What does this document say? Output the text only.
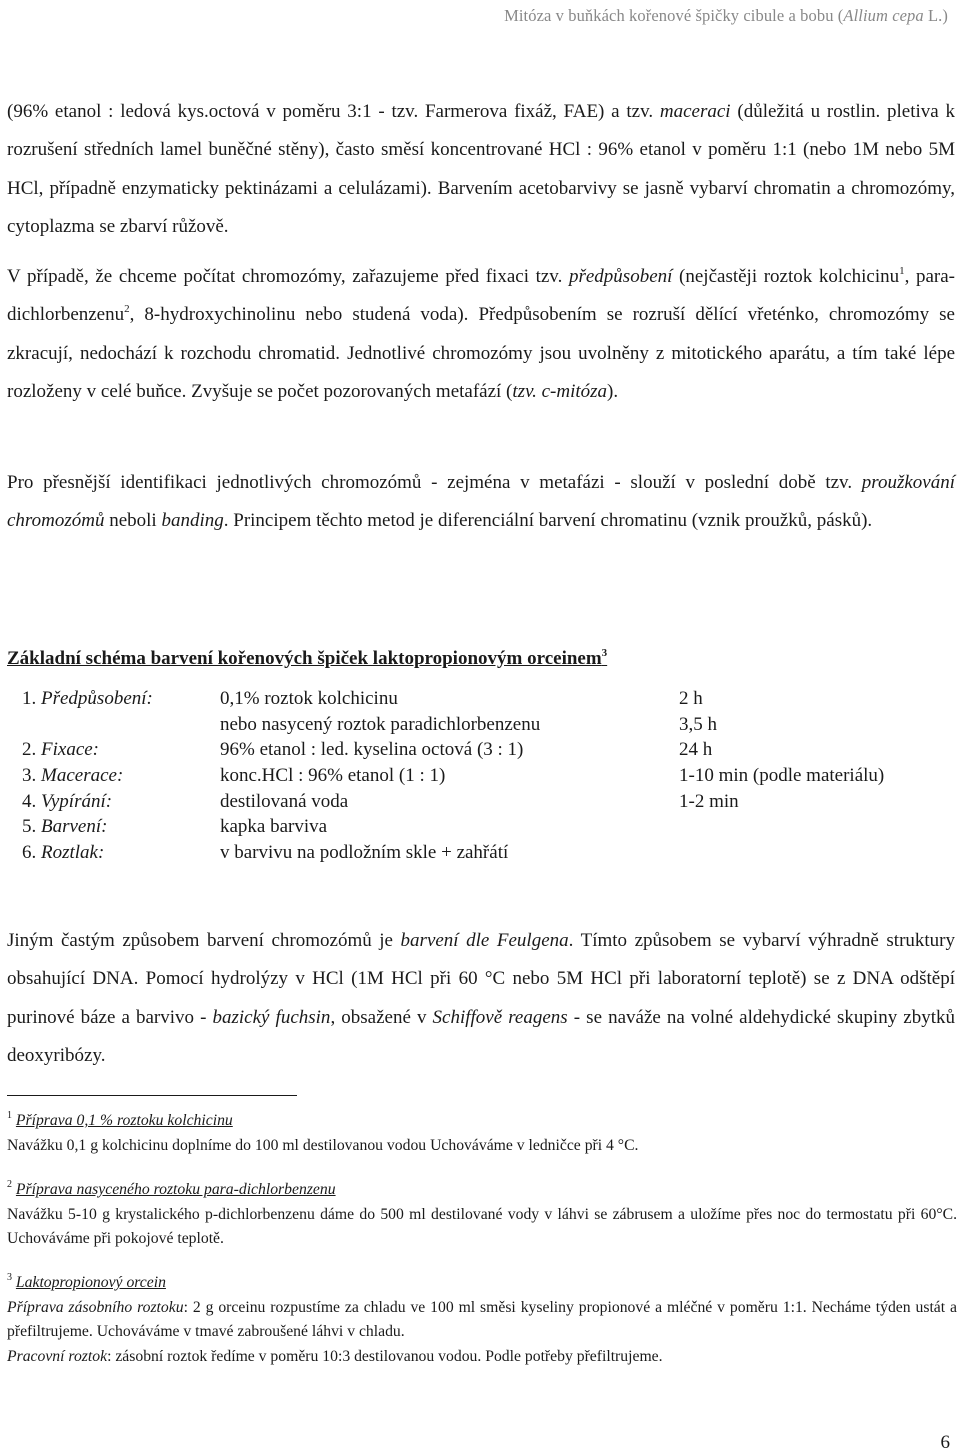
Mitóza v buňkách kořenové špičky cibule a bobu (Allium cepa L.)
(96% etanol : ledová kys.octová v poměru 3:1 - tzv. Farmerova fixáž, FAE) a tzv. maceraci (důležitá u rostlin. pletiva k rozrušení středních lamel buněčné stěny), často směsí koncentrované HCl : 96% etanol v poměru 1:1 (nebo 1M nebo 5M HCl, případně enzymaticky pektinázami a celulázami). Barvením acetobarvivy se jasně vybarví chromatin a chromozómy, cytoplazma se zbarví růžově.
V případě, že chceme počítat chromozómy, zařazujeme před fixaci tzv. předpůsobení (nejčastěji roztok kolchicinu$^1$, para-dichlorbenzenu$^2$, 8-hydroxychinolinu nebo studená voda). Předpůsobením se rozruší dělící vřeténko, chromozómy se zkracují, nedochází k rozchodu chromatid. Jednotlivé chromozómy jsou uvolněny z mitotického aparátu, a tím také lépe rozloženy v celé buňce. Zvyšuje se počet pozorovaných metafází (tzv. c-mitóza).
Pro přesnější identifikaci jednotlivých chromozómů - zejména v metafázi - slouží v poslední době tzv. proužkování chromozómů neboli banding. Principem těchto metod je diferenciální barvení chromatinu (vznik proužků, pásků).
Základní schéma barvení kořenových špiček laktopropionovým orceinem$^3$
1. Předpůsobení:	0,1% roztok kolchicinu	2 h
nebo nasycený roztok paradichlorbenzenu	3,5 h
2. Fixace:	96% etanol : led. kyselina octová (3 : 1)	24 h
3. Macerace:	konc.HCl : 96% etanol (1 : 1)	1-10 min (podle materiálu)
4. Vypírání:	destilovaná voda	1-2 min
5. Barvení:	kapka barviva
6. Roztlak:	v barvivu na podložním skle + zahřátí
Jiným častým způsobem barvení chromozómů je barvení dle Feulgena. Tímto způsobem se vybarví výhradně struktury obsahující DNA. Pomocí hydrolýzy v HCl (1M HCl při 60 °C nebo 5M HCl při laboratorní teplotě) se z DNA odštěpí purinové báze a barvivo - bazický fuchsin, obsažené v Schiffově reagens - se naváže na volné aldehydické skupiny zbytků deoxyribózy.
$^1$ Příprava 0,1 % roztoku kolchicinu
Navážku 0,1 g kolchicinu doplníme do 100 ml destilovanou vodou Uchováváme v ledničce při 4 °C.
$^2$ Příprava nasyceného roztoku para-dichlorbenzenu
Navážku 5-10 g krystalického p-dichlorbenzenu dáme do 500 ml destilované vody v láhvi se zábrusem a uložíme přes noc do termostatu při 60°C. Uchováváme při pokojové teplotě.
$^3$ Laktopropionový orcein
Příprava zásobního roztoku: 2 g orceinu rozpustíme za chladu ve 100 ml směsi kyseliny propionové a mléčné v poměru 1:1. Necháme týden ustát a přefiltrujeme. Uchováváme v tmavé zabroušené láhvi v chladu.
Pracovní roztok: zásobní roztok ředíme v poměru 10:3 destilovanou vodou. Podle potřeby přefiltrujeme.
6
